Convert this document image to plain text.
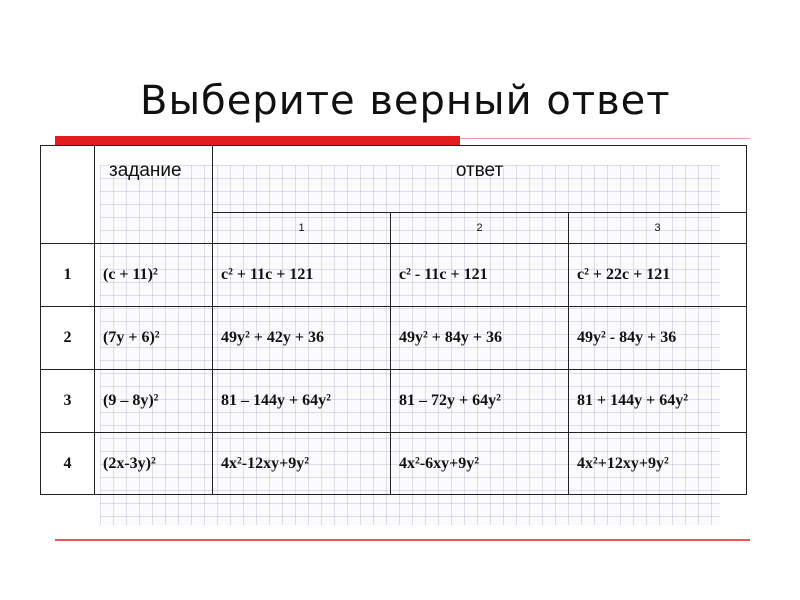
Выберите верный ответ
	задание	ответ		
		1	2	3
1	(c + 11)²	c² + 11c + 121	c² - 11c + 121	c² + 22c + 121
2	(7y + 6)²	49y² + 42y + 36	49y² + 84y + 36	49y² - 84y + 36
3	(9 – 8y)²	81 – 144y + 64y²	81 – 72y + 64y²	81 + 144y + 64y²
4	(2x-3y)²	4x²-12xy+9y²	4x²-6xy+9y²	4x²+12xy+9y²
